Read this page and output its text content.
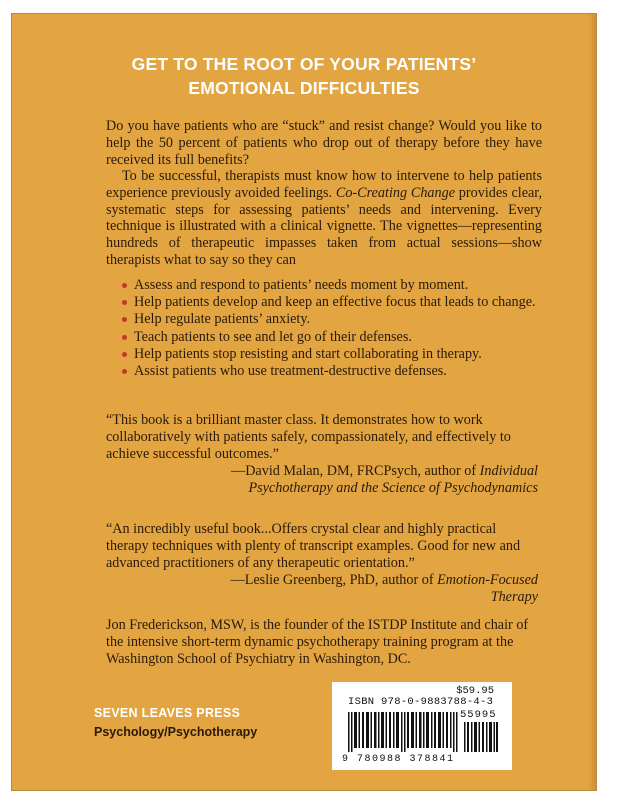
GET TO THE ROOT OF YOUR PATIENTS’
EMOTIONAL DIFFICULTIES
Do you have patients who are “stuck” and resist change? Would you like to help the 50 percent of patients who drop out of therapy before they have received its full benefits?
To be successful, therapists must know how to intervene to help patients experience previously avoided feelings. Co-Creating Change provides clear, systematic steps for assessing patients’ needs and intervening. Every technique is illustrated with a clinical vignette. The vignettes—representing hundreds of therapeutic impasses taken from actual sessions—show therapists what to say so they can
Assess and respond to patients’ needs moment by moment.
Help patients develop and keep an effective focus that leads to change.
Help regulate patients’ anxiety.
Teach patients to see and let go of their defenses.
Help patients stop resisting and start collaborating in therapy.
Assist patients who use treatment-destructive defenses.
“This book is a brilliant master class. It demonstrates how to work collaboratively with patients safely, compassionately, and effectively to achieve successful outcomes.”
—David Malan, DM, FRCPsych, author of Individual
Psychotherapy and the Science of Psychodynamics
“An incredibly useful book...Offers crystal clear and highly practical therapy techniques with plenty of transcript examples. Good for new and advanced practitioners of any therapeutic orientation.”
—Leslie Greenberg, PhD, author of Emotion-Focused Therapy
Jon Frederickson, MSW, is the founder of the ISTDP Institute and chair of the intensive short-term dynamic psychotherapy training program at the Washington School of Psychiatry in Washington, DC.
SEVEN LEAVES PRESS
Psychology/Psychotherapy
$59.95
ISBN 978-0-9883788-4-3
55995
9 780988 378841
